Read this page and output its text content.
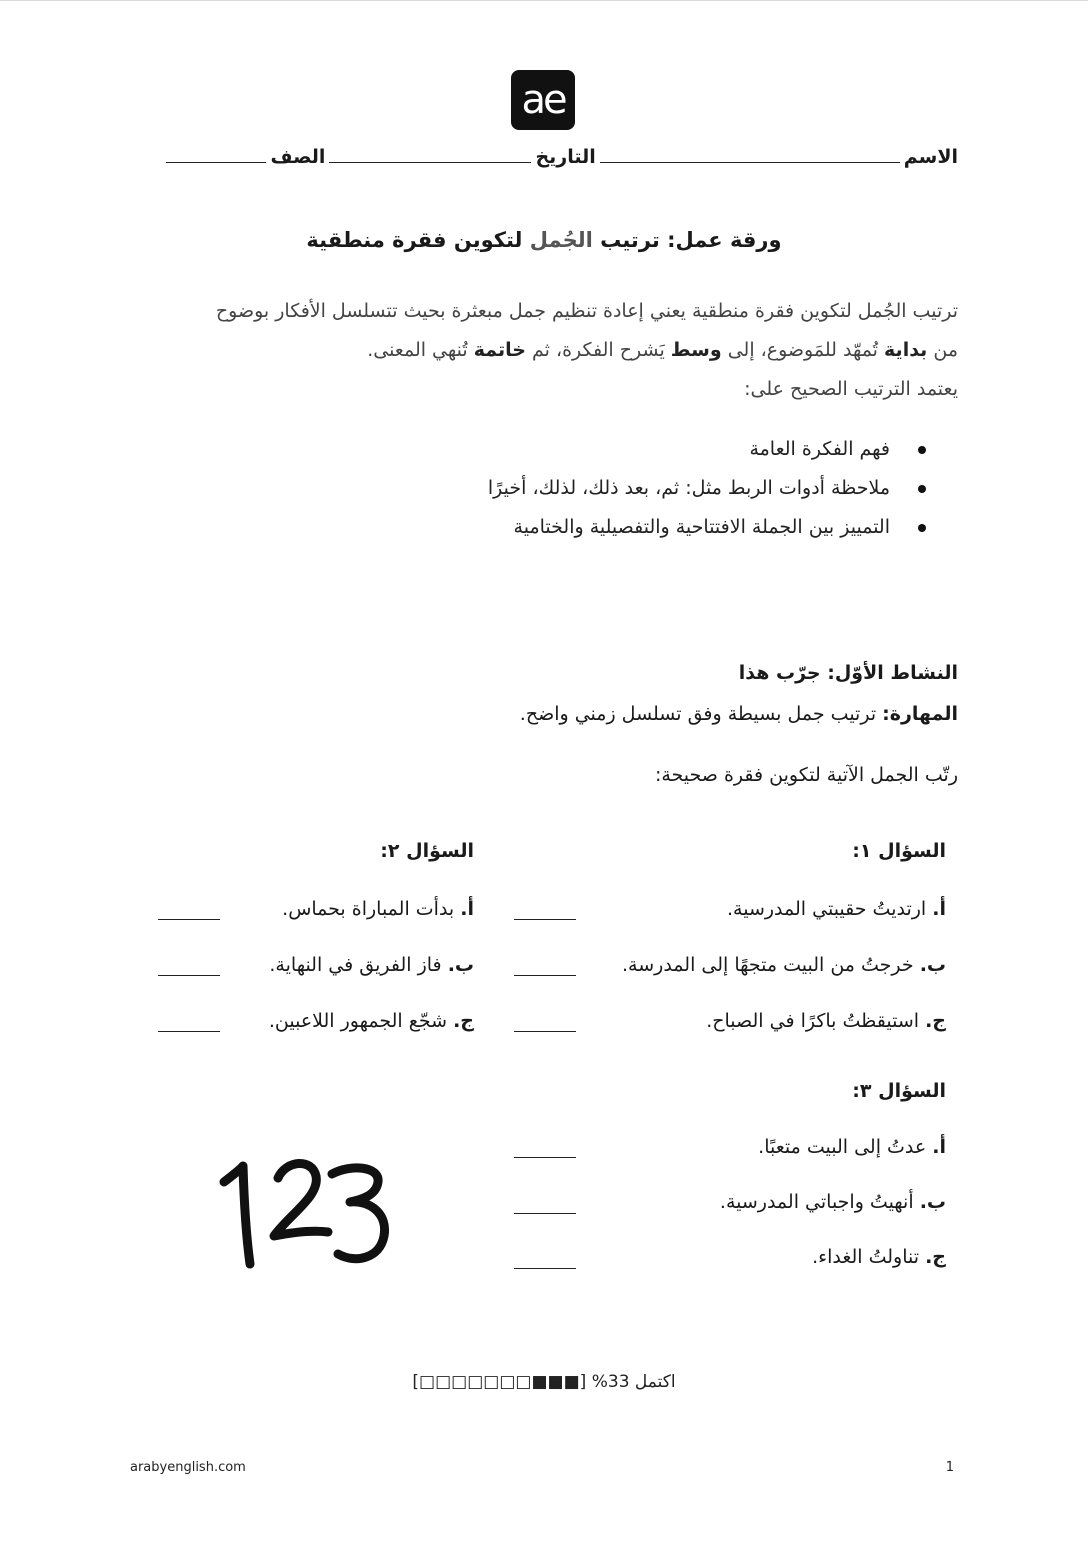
ae
الاسم
التاريخ
الصف
ورقة عمل: ترتيب الجُمل لتكوين فقرة منطقية
ترتيب الجُمل لتكوين فقرة منطقية يعني إعادة تنظيم جمل مبعثرة بحيث تتسلسل الأفكار بوضوح
من بداية تُمهّد للمَوضوع، إلى وسط يَشرح الفكرة، ثم خاتمة تُنهي المعنى.
يعتمد الترتيب الصحيح على:
فهم الفكرة العامة
ملاحظة أدوات الربط مثل: ثم، بعد ذلك، لذلك، أخيرًا
التمييز بين الجملة الافتتاحية والتفصيلية والختامية
النشاط الأوّل: جرّب هذا
المهارة: ترتيب جمل بسيطة وفق تسلسل زمني واضح.
رتّب الجمل الآتية لتكوين فقرة صحيحة:
السؤال ١:
أ. ارتديتُ حقيبتي المدرسية.
ب. خرجتُ من البيت متجهًا إلى المدرسة.
ج. استيقظتُ باكرًا في الصباح.
السؤال ٢:
أ. بدأت المباراة بحماس.
ب. فاز الفريق في النهاية.
ج. شجّع الجمهور اللاعبين.
السؤال ٣:
أ. عدتُ إلى البيت متعبًا.
ب. أنهيتُ واجباتي المدرسية.
ج. تناولتُ الغداء.
اكتمل 33% [■■■□□□□□□□]
arabyenglish.com	1
